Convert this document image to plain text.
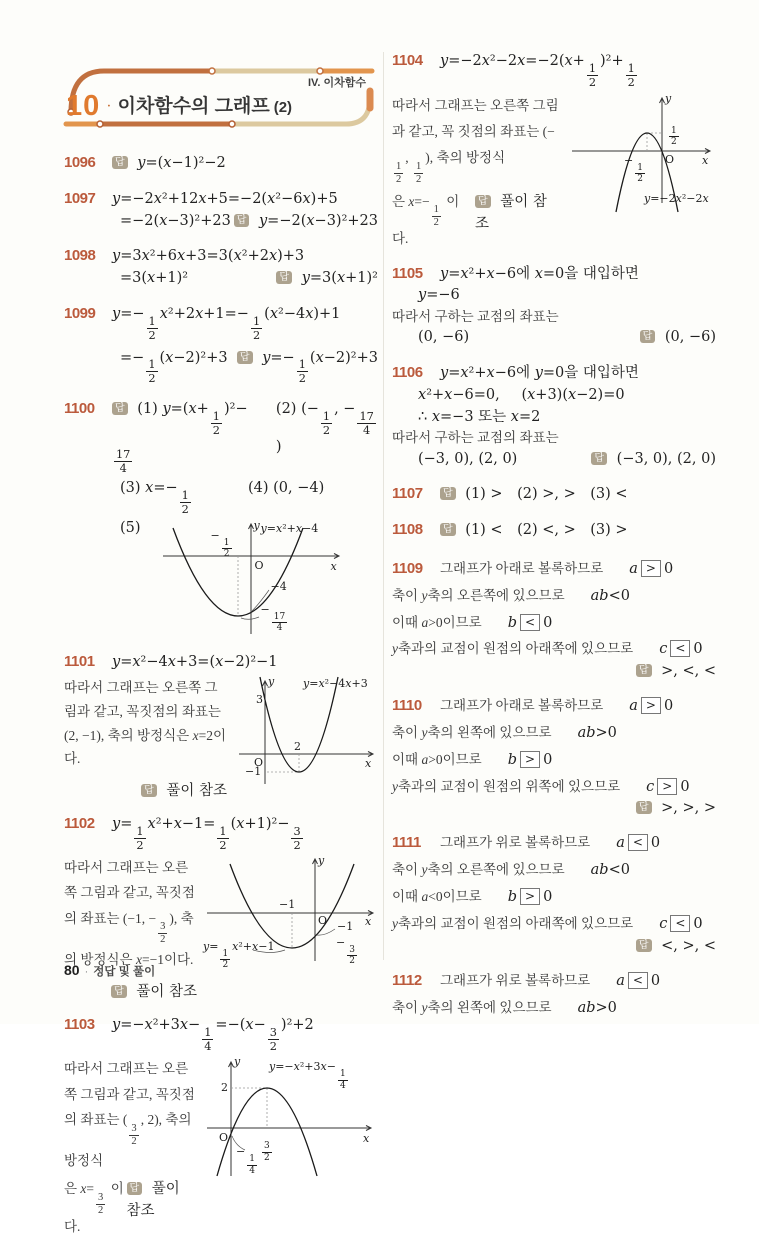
IV. 이차함수
10 · 이차함수의 그래프 (2)
1096	답 y=(x−1)²−2
1097	y=−2x²+12x+5=−2(x²−6x)+5
=−2(x−3)²+23 답 y=−2(x−3)²+23
1098	y=3x²+6x+3=3(x²+2x)+3
=3(x+1)²	답 y=3(x+1)²
1099	y=−
$\frac{1}{2}$
x²+2x+1=−
$\frac{1}{2}$
(x²−4x)+1
=−
$\frac{1}{2}$
(x−2)²+3	답 y=−
$\frac{1}{2}$
(x−2)²+3
1100	답 (1) y=(x+
$\frac{1}{2}$
)²−
$\frac{17}{4}$
(2) (−
$\frac{1}{2}$
, −
$\frac{17}{4}$
)
(3) x=−
$\frac{1}{2}$
(4) (0, −4)
(5)	y y=x²+x−4
−
$\frac{1}{2}$
O	x
−4
−
$\frac{17}{4}$
1101	y=x²−4x+3=(x−2)²−1
따라서 그래프는 오른쪽 그림과 같고, 꼭짓점의 좌표는 (2, −1), 축의 방정식은 x=2이다.
답 풀이 참조
y	y=x²−4x+3
3
O
2
−1
x
1102	y=
$\frac{1}{2}$
x²+x−1=
$\frac{1}{2}$
(x+1)²−
$\frac{3}{2}$
따라서 그래프는 오른쪽 그림과 같고, 꼭짓점의 좌표는 (−1, −
$\frac{3}{2}$
), 축의 방정식은 x=−1이다.
답 풀이 참조
y
−1
O	x
−1
−
$\frac{3}{2}$
y=
$\frac{1}{2}$
x²+x−1
1103	y=−x²+3x−
$\frac{1}{4}$
=−(x−
$\frac{3}{2}$
)²+2
따라서 그래프는 오른쪽 그림과 같고, 꼭짓점의 좌표는 (
$\frac{3}{2}$
, 2), 축의 방정식
은 x=
$\frac{3}{2}$
이다.
답 풀이 참조
y	y=−x²+3x−
$\frac{1}{4}$
2
O
$\frac{3}{2}$
−
$\frac{1}{4}$
x
1104	y=−2x²−2x=−2(x+
$\frac{1}{2}$
)²+
$\frac{1}{2}$
따라서 그래프는 오른쪽 그림과 같고, 꼭 짓점의 좌표는 (−
$\frac{1}{2}$
,
$\frac{1}{2}$
), 축의 방정식
은 x=−
$\frac{1}{2}$
이다.
답 풀이 참조
y
$\frac{1}{2}$
−
$\frac{1}{2}$
O	x
y=−2x²−2x
1105	y=x²+x−6에 x=0을 대입하면
y=−6
따라서 구하는 교점의 좌표는
(0, −6)	답 (0, −6)
1106	y=x²+x−6에 y=0을 대입하면
x²+x−6=0,  (x+3)(x−2)=0
∴ x=−3 또는 x=2
따라서 구하는 교점의 좌표는
(−3, 0), (2, 0)	답 (−3, 0), (2, 0)
1107	답 (1) > (2) >, > (3) <
1108	답 (1) < (2) <, > (3) >
1109	그래프가 아래로 볼록하므로 a > 0
축이 y축의 오른쪽에 있으므로 ab<0
이때 a>0이므로 b < 0
y축과의 교점이 원점의 아래쪽에 있으므로 c < 0
답 >, <, <
1110	그래프가 아래로 볼록하므로 a > 0
축이 y축의 왼쪽에 있으므로 ab>0
이때 a>0이므로 b > 0
y축과의 교점이 원점의 위쪽에 있으므로 c > 0
답 >, >, >
1111	그래프가 위로 볼록하므로 a < 0
축이 y축의 오른쪽에 있으므로 ab<0
이때 a<0이므로 b > 0
y축과의 교점이 원점의 아래쪽에 있으므로 c < 0
답 <, >, <
1112	그래프가 위로 볼록하므로 a < 0
축이 y축의 왼쪽에 있으므로 ab>0
80 · 정답 및 풀이
